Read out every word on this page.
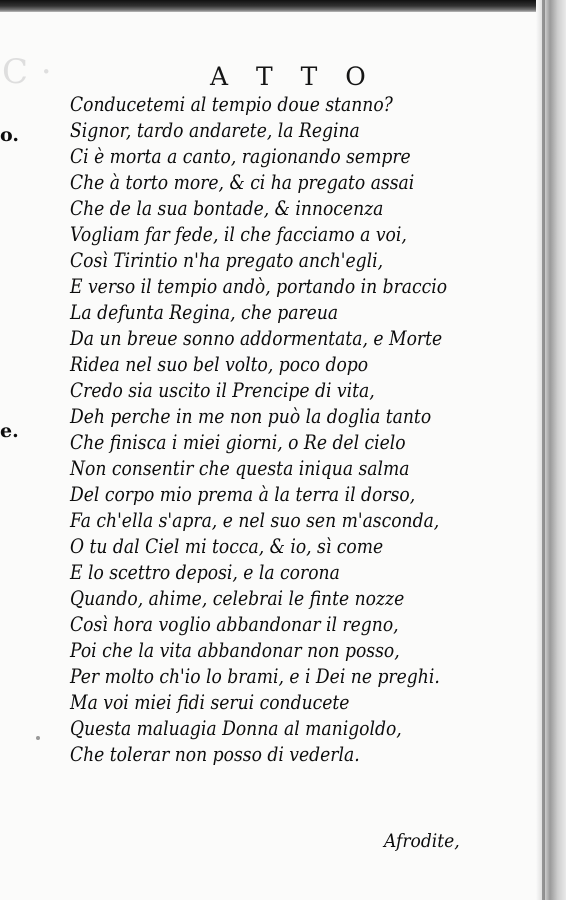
C ·	A T T O
o.
e.
Conducetemi al tempio doue stanno?
Signor, tardo andarete, la Regina
Ci è morta a canto, ragionando sempre
Che à torto more, & ci ha pregato assai
Che de la sua bontade, & innocenza
Vogliam far fede, il che facciamo a voi,
Così Tirintio n'ha pregato anch'egli,
E verso il tempio andò, portando in braccio
La defunta Regina, che pareua
Da un breue sonno addormentata, e Morte
Ridea nel suo bel volto, poco dopo
Credo sia uscito il Prencipe di vita,
Deh perche in me non può la doglia tanto
Che finisca i miei giorni, o Re del cielo
Non consentir che questa iniqua salma
Del corpo mio prema à la terra il dorso,
Fa ch'ella s'apra, e nel suo sen m'asconda,
O tu dal Ciel mi tocca, & io, sì come
E lo scettro deposi, e la corona
Quando, ahime, celebrai le finte nozze
Così hora voglio abbandonar il regno,
Poi che la vita abbandonar non posso,
Per molto ch'io lo brami, e i Dei ne preghi.
Ma voi miei fidi serui conducete
Questa maluagia Donna al manigoldo,
Che tolerar non posso di vederla.
Afrodite,
